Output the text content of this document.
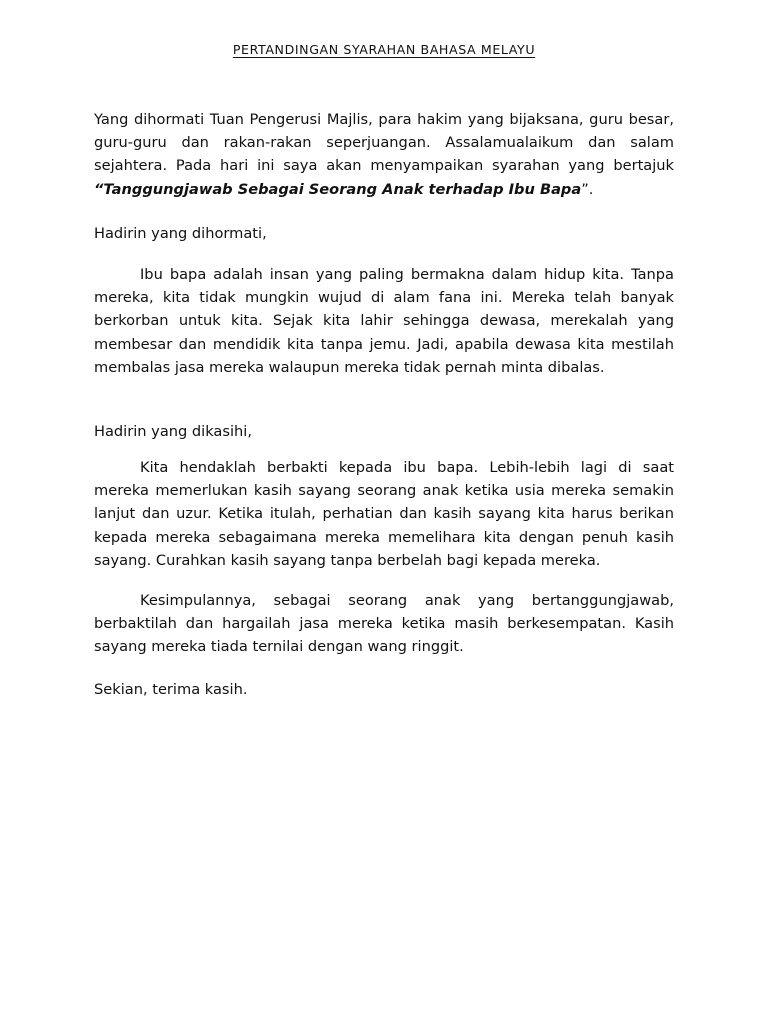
PERTANDINGAN SYARAHAN BAHASA MELAYU

Yang dihormati Tuan Pengerusi Majlis, para hakim yang bijaksana, guru besar, guru-guru dan rakan-rakan seperjuangan. Assalamualaikum dan salam sejahtera. Pada hari ini saya akan menyampaikan syarahan yang bertajuk “Tanggungjawab Sebagai Seorang Anak terhadap Ibu Bapa”.

Hadirin yang dihormati,

Ibu bapa adalah insan yang paling bermakna dalam hidup kita. Tanpa mereka, kita tidak mungkin wujud di alam fana ini. Mereka telah banyak berkorban untuk kita. Sejak kita lahir sehingga dewasa, merekalah yang membesar dan mendidik kita tanpa jemu. Jadi, apabila dewasa kita mestilah membalas jasa mereka walaupun mereka tidak pernah minta dibalas.

Hadirin yang dikasihi,

Kita hendaklah berbakti kepada ibu bapa. Lebih-lebih lagi di saat mereka memerlukan kasih sayang seorang anak ketika usia mereka semakin lanjut dan uzur. Ketika itulah, perhatian dan kasih sayang kita harus berikan kepada mereka sebagaimana mereka memelihara kita dengan penuh kasih sayang. Curahkan kasih sayang tanpa berbelah bagi kepada mereka.

Kesimpulannya, sebagai seorang anak yang bertanggungjawab, berbaktilah dan hargailah jasa mereka ketika masih berkesempatan. Kasih sayang mereka tiada ternilai dengan wang ringgit.

Sekian, terima kasih.
